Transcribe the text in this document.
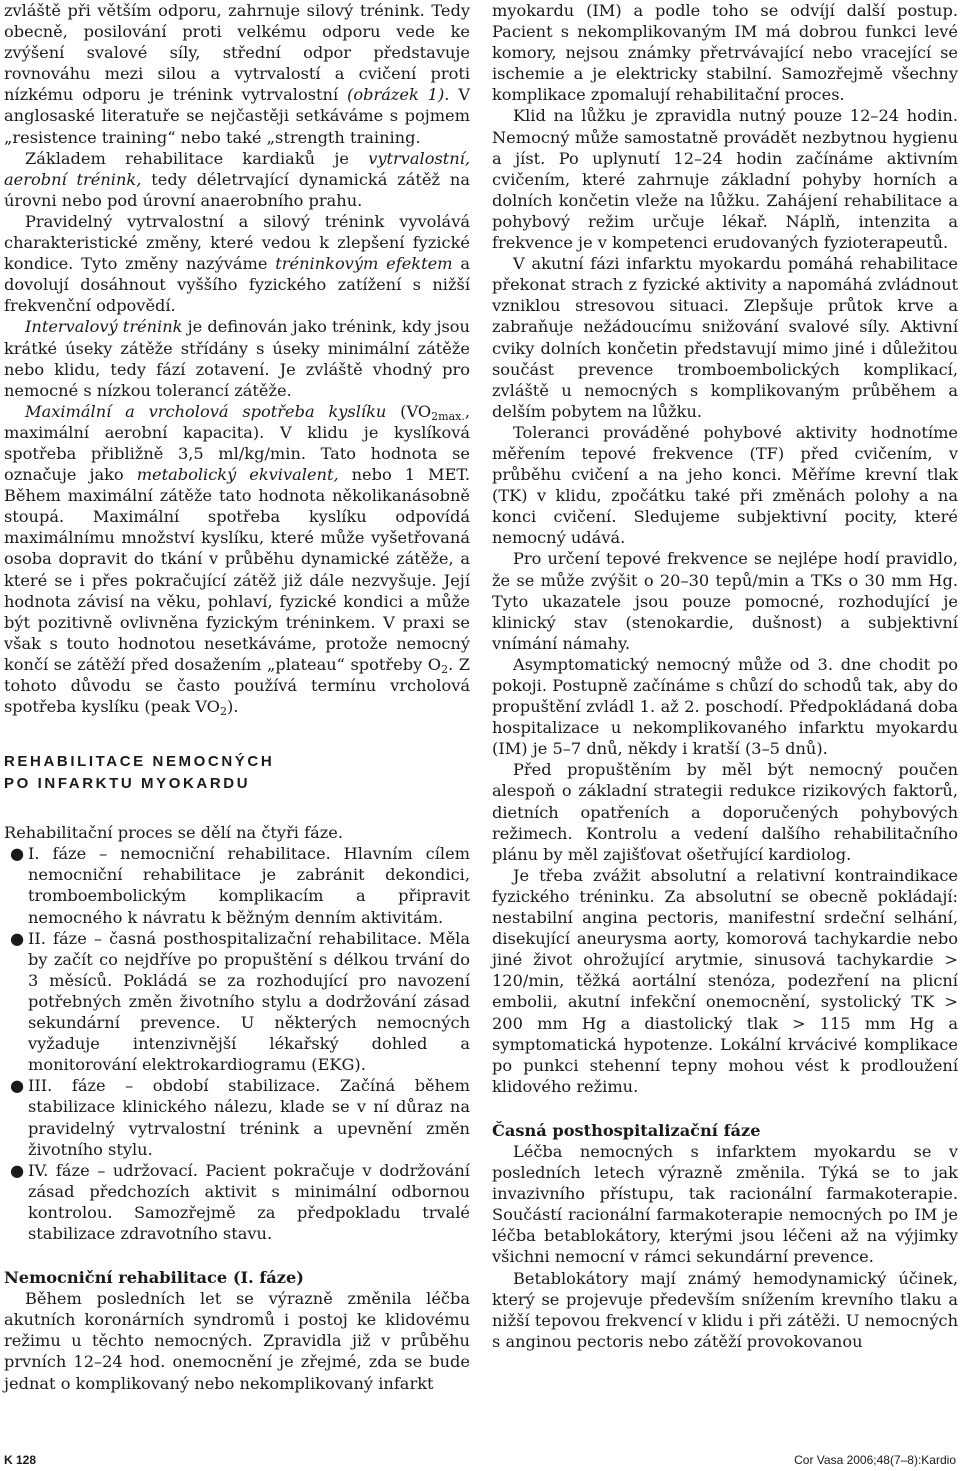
zvláště při větším odporu, zahrnuje silový trénink. Tedy obecně, posilování proti velkému odporu vede ke zvýšení svalové síly, střední odpor představuje rovnováhu mezi silou a vytrvalostí a cvičení proti nízkému odporu je trénink vytrvalostní (obrázek 1). V anglosaské literatuře se nejčastěji setkáváme s pojmem „resistence training“ nebo také „strength training.

Základem rehabilitace kardiaků je vytrvalostní, aerobní trénink, tedy déletrvající dynamická zátěž na úrovni nebo pod úrovní anaerobního prahu.

Pravidelný vytrvalostní a silový trénink vyvolává charakteristické změny, které vedou k zlepšení fyzické kondice. Tyto změny nazýváme tréninkovým efektem a dovolují dosáhnout vyššího fyzického zatížení s nižší frekvenční odpovědí.

Intervalový trénink je definován jako trénink, kdy jsou krátké úseky zátěže střídány s úseky minimální zátěže nebo klidu, tedy fází zotavení. Je zvláště vhodný pro nemocné s nízkou tolerancí zátěže.

Maximální a vrcholová spotřeba kyslíku ($VO_{2max.}$, maximální aerobní kapacita). V klidu je kyslíková spotřeba přibližně 3,5 ml/kg/min. Tato hodnota se označuje jako metabolický ekvivalent, nebo 1 MET. Během maximální zátěže tato hodnota několikanásobně stoupá. Maximální spotřeba kyslíku odpovídá maximálnímu množství kyslíku, které může vyšetřovaná osoba dopravit do tkání v průběhu dynamické zátěže, a které se i přes pokračující zátěž již dále nezvyšuje. Její hodnota závisí na věku, pohlaví, fyzické kondici a může být pozitivně ovlivněna fyzickým tréninkem. V praxi se však s touto hodnotou nesetkáváme, protože nemocný končí se zátěží před dosažením „plateau“ spotřeby $O_2$. Z tohoto důvodu se často používá termínu vrcholová spotřeba kyslíku (peak $VO_2$).

REHABILITACE NEMOCNÝCH
PO INFARKTU MYOKARDU

Rehabilitační proces se dělí na čtyři fáze.

● I. fáze – nemocniční rehabilitace. Hlavním cílem nemocniční rehabilitace je zabránit dekondici, tromboembolickým komplikacím a připravit nemocného k návratu k běžným denním aktivitám.
● II. fáze – časná posthospitalizační rehabilitace. Měla by začít co nejdříve po propuštění s délkou trvání do 3 měsíců. Pokládá se za rozhodující pro navození potřebných změn životního stylu a dodržování zásad sekundární prevence. U některých nemocných vyžaduje intenzivnější lékařský dohled a monitorování elektrokardiogramu (EKG).
● III. fáze – období stabilizace. Začíná během stabilizace klinického nálezu, klade se v ní důraz na pravidelný vytrvalostní trénink a upevnění změn životního stylu.
● IV. fáze – udržovací. Pacient pokračuje v dodržování zásad předchozích aktivit s minimální odbornou kontrolou. Samozřejmě za předpokladu trvalé stabilizace zdravotního stavu.
Nemocniční rehabilitace (I. fáze)

Během posledních let se výrazně změnila léčba akutních koronárních syndromů i postoj ke klidovému režimu u těchto nemocných. Zpravidla již v průběhu prvních 12–24 hod. onemocnění je zřejmé, zda se bude jednat o komplikovaný nebo nekomplikovaný infarkt

myokardu (IM) a podle toho se odvíjí další postup. Pacient s nekomplikovaným IM má dobrou funkci levé komory, nejsou známky přetrvávající nebo vracející se ischemie a je elektricky stabilní. Samozřejmě všechny komplikace zpomalují rehabilitační proces.

Klid na lůžku je zpravidla nutný pouze 12–24 hodin. Nemocný může samostatně provádět nezbytnou hygienu a jíst. Po uplynutí 12–24 hodin začínáme aktivním cvičením, které zahrnuje základní pohyby horních a dolních končetin vleže na lůžku. Zahájení rehabilitace a pohybový režim určuje lékař. Náplň, intenzita a frekvence je v kompetenci erudovaných fyzioterapeutů.

V akutní fázi infarktu myokardu pomáhá rehabilitace překonat strach z fyzické aktivity a napomáhá zvládnout vzniklou stresovou situaci. Zlepšuje průtok krve a zabraňuje nežádoucímu snižování svalové síly. Aktivní cviky dolních končetin představují mimo jiné i důležitou součást prevence tromboembolických komplikací, zvláště u nemocných s komplikovaným průběhem a delším pobytem na lůžku.

Toleranci prováděné pohybové aktivity hodnotíme měřením tepové frekvence (TF) před cvičením, v průběhu cvičení a na jeho konci. Měříme krevní tlak (TK) v klidu, zpočátku také při změnách polohy a na konci cvičení. Sledujeme subjektivní pocity, které nemocný udává.

Pro určení tepové frekvence se nejlépe hodí pravidlo, že se může zvýšit o 20–30 tepů/min a TKs o 30 mm Hg. Tyto ukazatele jsou pouze pomocné, rozhodující je klinický stav (stenokardie, dušnost) a subjektivní vnímání námahy.

Asymptomatický nemocný může od 3. dne chodit po pokoji. Postupně začínáme s chůzí do schodů tak, aby do propuštění zvládl 1. až 2. poschodí. Předpokládaná doba hospitalizace u nekomplikovaného infarktu myokardu (IM) je 5–7 dnů, někdy i kratší (3–5 dnů).

Před propuštěním by měl být nemocný poučen alespoň o základní strategii redukce rizikových faktorů, dietních opatřeních a doporučených pohybových režimech. Kontrolu a vedení dalšího rehabilitačního plánu by měl zajišťovat ošetřující kardiolog.

Je třeba zvážit absolutní a relativní kontraindikace fyzického tréninku. Za absolutní se obecně pokládají: nestabilní angina pectoris, manifestní srdeční selhání, disekující aneurysma aorty, komorová tachykardie nebo jiné život ohrožující arytmie, sinusová tachykardie > 120/min, těžká aortální stenóza, podezření na plicní embolii, akutní infekční onemocnění, systolický TK > 200 mm Hg a diastolický tlak > 115 mm Hg a symptomatická hypotenze. Lokální krvácivé komplikace po punkci stehenní tepny mohou vést k prodloužení klidového režimu.

Časná posthospitalizační fáze

Léčba nemocných s infarktem myokardu se v posledních letech výrazně změnila. Týká se to jak invazivního přístupu, tak racionální farmakoterapie. Součástí racionální farmakoterapie nemocných po IM je léčba betablokátory, kterými jsou léčeni až na výjimky všichni nemocní v rámci sekundární prevence.

Betablokátory mají známý hemodynamický účinek, který se projevuje především snížením krevního tlaku a nižší tepovou frekvencí v klidu i při zátěži. U nemocných s anginou pectoris nebo zátěží provokovanou

K 128	Cor Vasa 2006;48(7–8):Kardio
